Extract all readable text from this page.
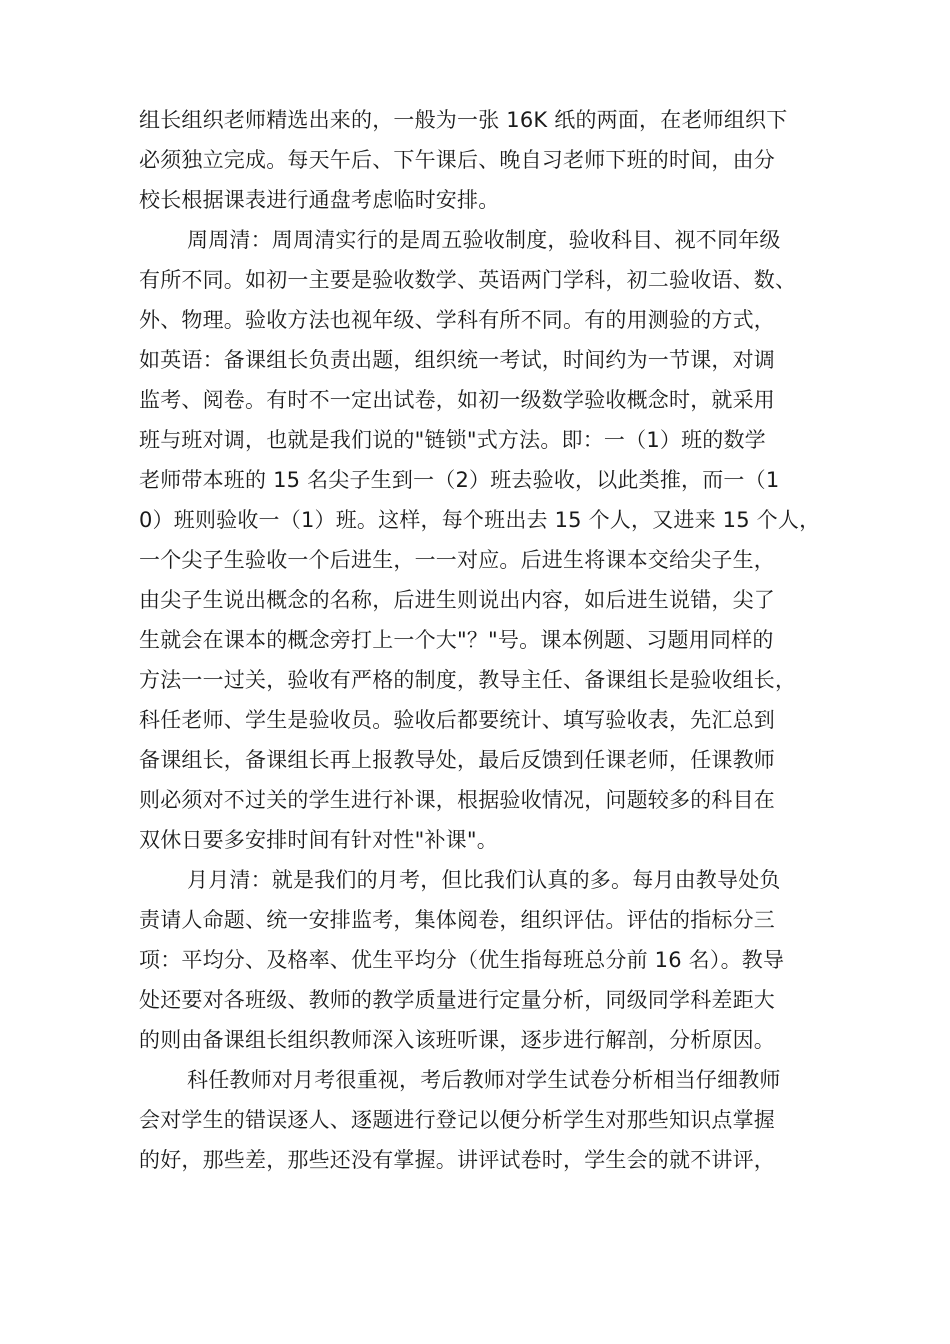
组长组织老师精选出来的，一般为一张 16K 纸的两面，在老师组织下
必须独立完成。每天午后、下午课后、晚自习老师下班的时间，由分
校长根据课表进行通盘考虑临时安排。
周周清：周周清实行的是周五验收制度，验收科目、视不同年级
有所不同。如初一主要是验收数学、英语两门学科，初二验收语、数、
外、物理。验收方法也视年级、学科有所不同。有的用测验的方式，
如英语：备课组长负责出题，组织统一考试，时间约为一节课，对调
监考、阅卷。有时不一定出试卷，如初一级数学验收概念时，就采用
班与班对调，也就是我们说的"链锁"式方法。即：一（1）班的数学
老师带本班的 15 名尖子生到一（2）班去验收，以此类推，而一（1
0）班则验收一（1）班。这样，每个班出去 15 个人，又进来 15 个人，
一个尖子生验收一个后进生，一一对应。后进生将课本交给尖子生，
由尖子生说出概念的名称，后进生则说出内容，如后进生说错，尖了
生就会在课本的概念旁打上一个大"？"号。课本例题、习题用同样的
方法一一过关，验收有严格的制度，教导主任、备课组长是验收组长，
科任老师、学生是验收员。验收后都要统计、填写验收表，先汇总到
备课组长，备课组长再上报教导处，最后反馈到任课老师，任课教师
则必须对不过关的学生进行补课，根据验收情况，问题较多的科目在
双休日要多安排时间有针对性"补课"。
月月清：就是我们的月考，但比我们认真的多。每月由教导处负
责请人命题、统一安排监考，集体阅卷，组织评估。评估的指标分三
项：平均分、及格率、优生平均分（优生指每班总分前 16 名）。教导
处还要对各班级、教师的教学质量进行定量分析，同级同学科差距大
的则由备课组长组织教师深入该班听课，逐步进行解剖，分析原因。
科任教师对月考很重视，考后教师对学生试卷分析相当仔细教师
会对学生的错误逐人、逐题进行登记以便分析学生对那些知识点掌握
的好，那些差，那些还没有掌握。讲评试卷时，学生会的就不讲评，
